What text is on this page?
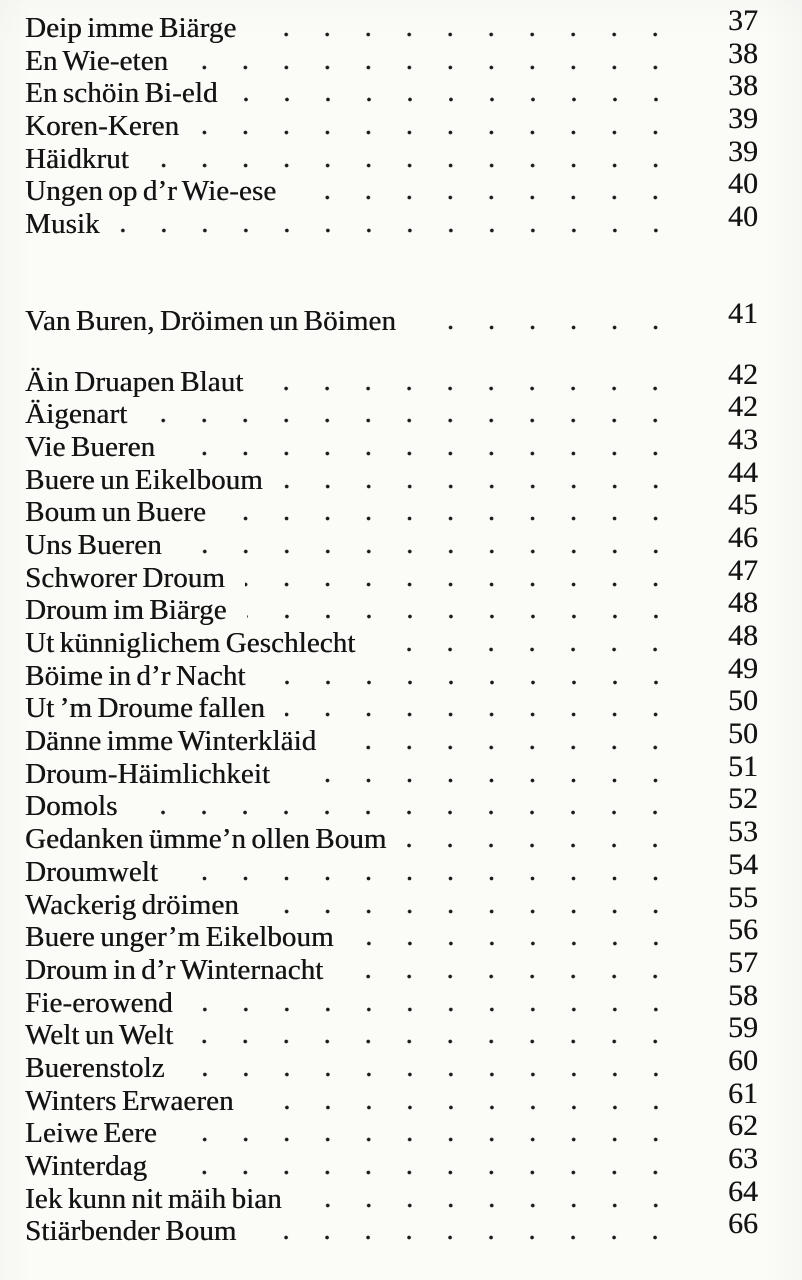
Deip imme Biärge	37
En Wie-eten	38
En schöin Bi-eld	38
Koren-Keren	39
Häidkrut	39
Ungen op d’r Wie-ese	40
Musik	40
Van Buren, Dröimen un Böimen	41
Äin Druapen Blaut	42
Äigenart	42
Vie Bueren	43
Buere un Eikelboum	44
Boum un Buere	45
Uns Bueren	46
Schworer Droum	47
Droum im Biärge	48
Ut künniglichem Geschlecht	48
Böime in d’r Nacht	49
Ut ’m Droume fallen	50
Dänne imme Winterkläid	50
Droum-Häimlichkeit	51
Domols	52
Gedanken ümme’n ollen Boum	53
Droumwelt	54
Wackerig dröimen	55
Buere unger’m Eikelboum	56
Droum in d’r Winternacht	57
Fie-erowend	58
Welt un Welt	59
Buerenstolz	60
Winters Erwaeren	61
Leiwe Eere	62
Winterdag	63
Iek kunn nit mäih bian	64
Stiärbender Boum	66
